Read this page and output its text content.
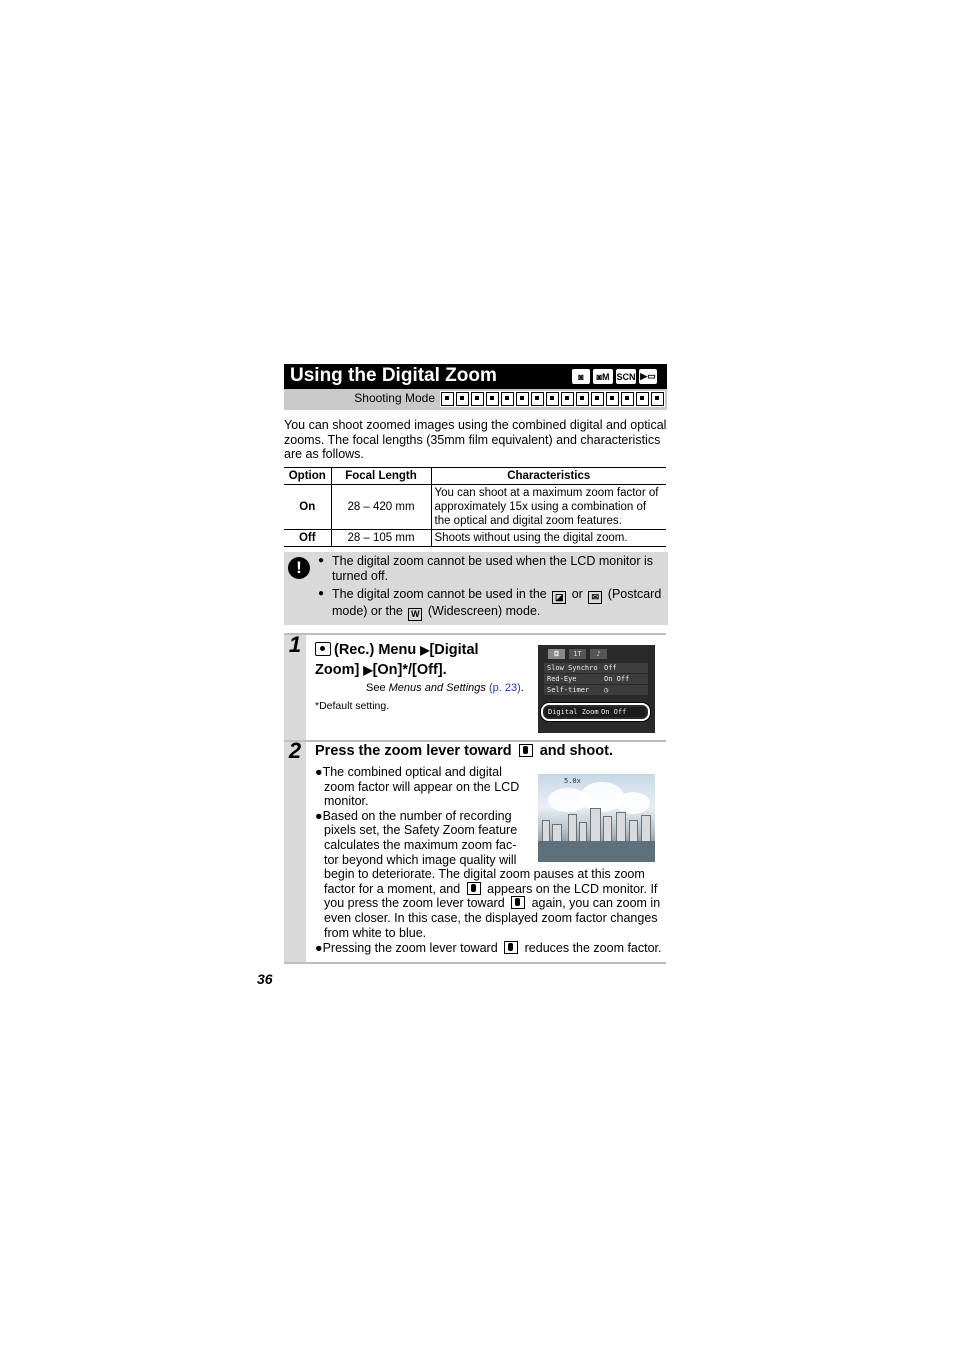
Using the Digital Zoom	◙	◙M SCN ▶▭
Shooting Mode

You can shoot zoomed images using the combined digital and optical zooms. The focal lengths (35mm film equivalent) and characteristics are as follows.

Option	Focal Length	Characteristics
On	28 – 420 mm	You can shoot at a maximum zoom factor of approximately 15x using a combination of the optical and digital zoom features.
Off	28 – 105 mm	Shoots without using the digital zoom.
!	● The digital zoom cannot be used when the LCD monitor is turned off.
● The digital zoom cannot be used in the ◪ or ✉ (Postcard mode) or the W (Widescreen) mode.
1	(Rec.) Menu ▶[Digital Zoom] ▶[On]*/[Off].

See Menus and Settings (p. 23).
*Default setting.
◘	1T	♪
Slow Synchro Off
Red-Eye	On Off
Self-timer ◷
Digital Zoom On Off
2 Press the zoom lever toward and shoot.

5.0x

●The combined optical and digital zoom factor will appear on the LCD monitor.

●Based on the number of recording pixels set, the Safety Zoom feature calculates the maximum zoom fac-tor beyond which image quality will

begin to deteriorate. The digital zoom pauses at this zoom factor for a moment, and appears on the LCD monitor. If you press the zoom lever toward again, you can zoom in even closer. In this case, the displayed zoom factor changes from white to blue.

●Pressing the zoom lever toward reduces the zoom factor.

36
